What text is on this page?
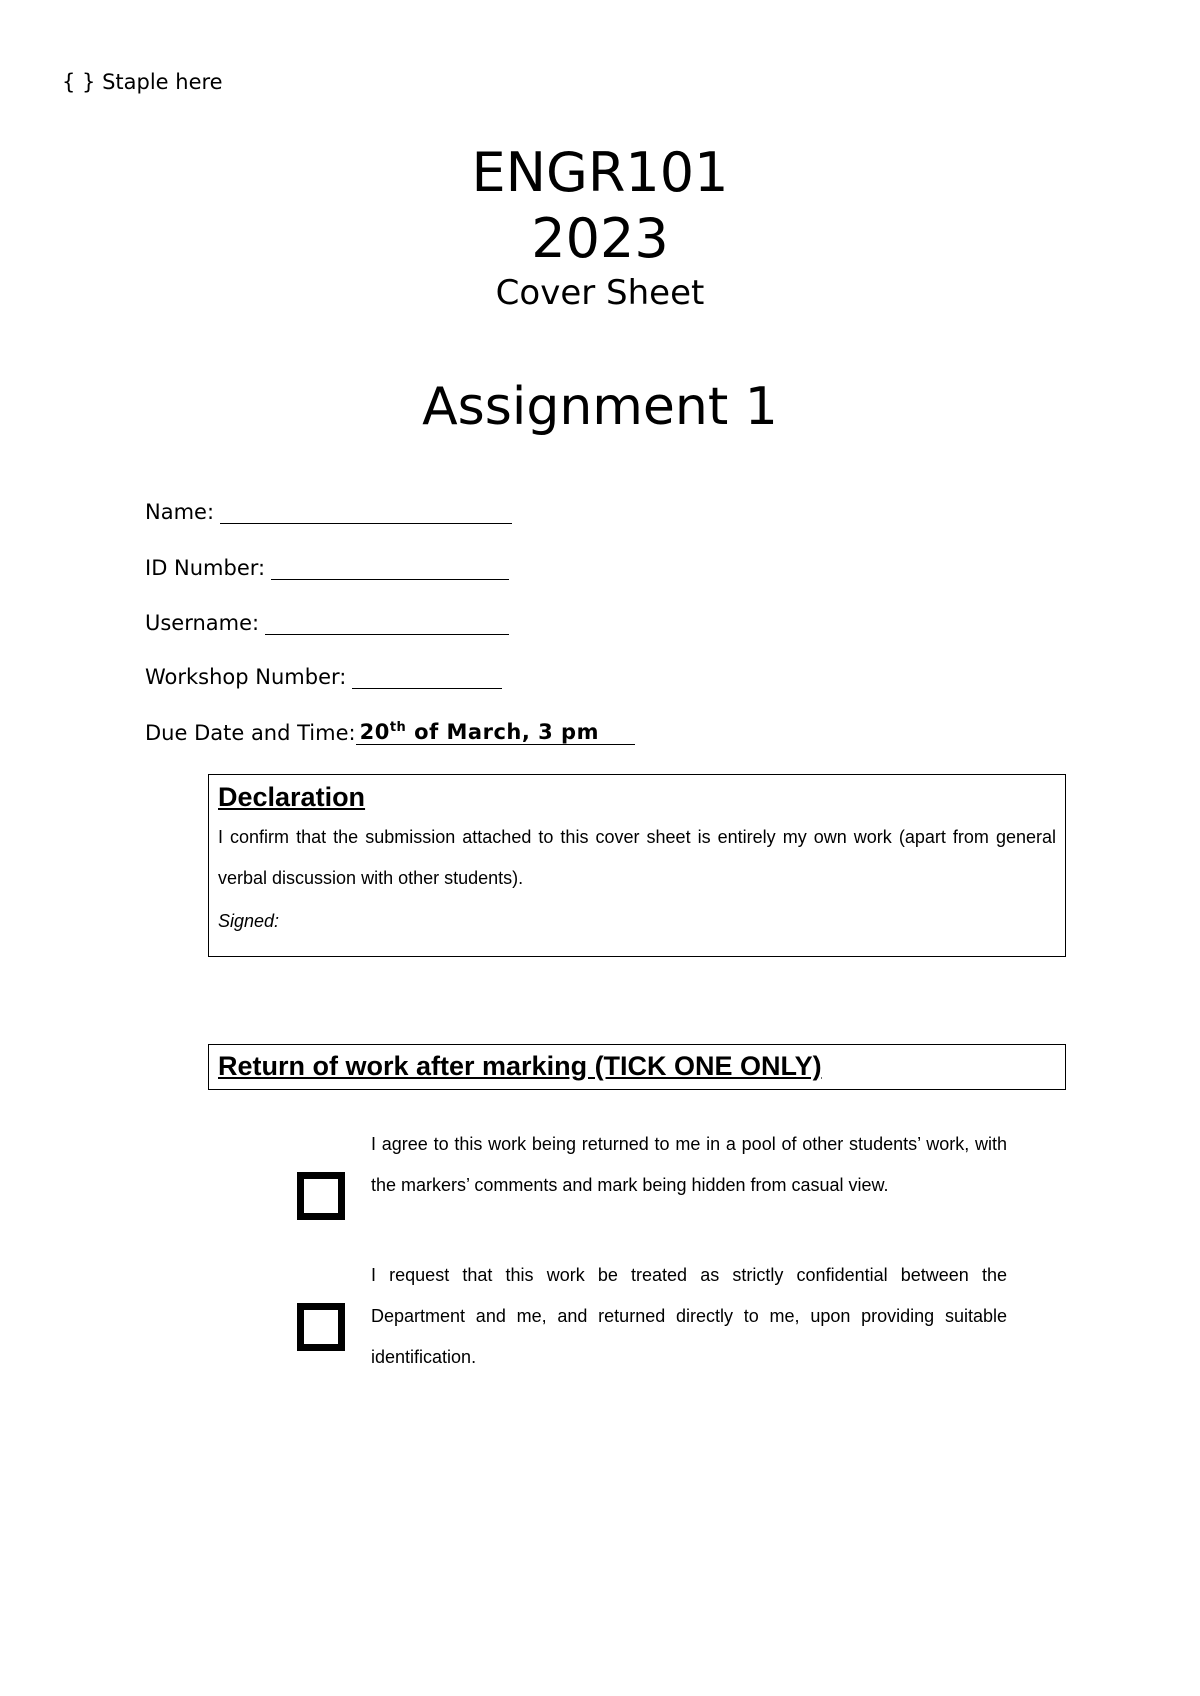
{ } Staple here
ENGR101
2023
Cover Sheet
Assignment 1
Name:
ID Number:
Username:
Workshop Number:
Due Date and Time: 20th of March, 3 pm
Declaration
I confirm that the submission attached to this cover sheet is entirely my own work (apart from general verbal discussion with other students).
Signed:
Return of work after marking (TICK ONE ONLY)
I agree to this work being returned to me in a pool of other students’ work, with the markers’ comments and mark being hidden from casual view.
I request that this work be treated as strictly confidential between the Department and me, and returned directly to me, upon providing suitable identification.
